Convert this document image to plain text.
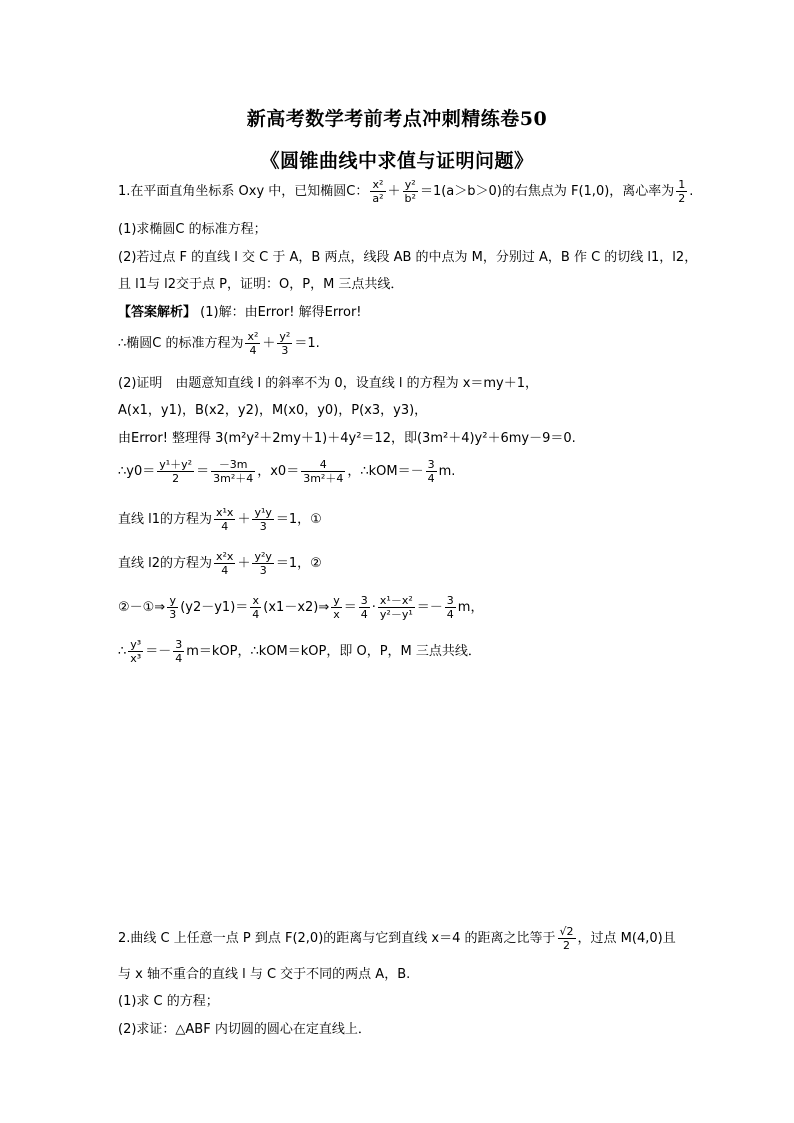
新高考数学考前考点冲刺精练卷50
《圆锥曲线中求值与证明问题》
1.在平面直角坐标系 Oxy 中，已知椭圆C： $\frac{\text{x²}}{\text{a²}} + \frac{\text{y²}}{\text{b²}} =1(a>b>0)$的右焦点为 F(1,0)，离心率为 $\frac{1}{2}$ .
(1)求椭圆C 的标准方程；
(2)若过点 F 的直线 l 交 C 于 A，B 两点，线段 AB 的中点为 M，分别过 A，B 作 C 的切线 l1，l2，
且 l1与 l2交于点 P，证明：O，P，M 三点共线．
【答案解析】 (1)解：由Error! 解得Error!
∴椭圆C 的标准方程为 $\frac{\text{x²}}{4} + \frac{\text{y²}}{3} =1$.
(2)证明　由题意知直线 l 的斜率不为 0，设直线 l 的方程为 x＝my＋1，
A(x1，y1)，B(x2，y2)，M(x0，y0)，P(x3，y3)，
由Error! 整理得 3(m²y²＋2my＋1)＋4y²＝12，即(3m²＋4)y²＋6my－9＝0.
∴y0＝ $\frac{\text{y¹＋y²}}{2} = \frac{-3m}{\text{3m²＋4}}$ ，$x0= \frac{4}{\text{3m²＋4}}$ ，∴kOM＝－ $\frac{3}{4} m$.
直线 l1的方程为 $\frac{\text{x¹x}}{4} + \frac{\text{y¹y}}{3} =1$，①
直线 l2的方程为 $\frac{\text{x²x}}{4} + \frac{\text{y²y}}{3} =1$，②
②－①⇒ $\frac{y}{3} (y2-y1)= \frac{x}{4}$ (x1－x2)⇒ $\frac{y}{x} = \frac{3}{4} \cdot \frac{\text{x¹－x²}}{\text{y²－y¹}} =- \frac{3}{4}$ m，
∴ $\frac{\text{y³}}{\text{x³}} =- \frac{3}{4} m=kOP$，∴kOM＝kOP，即 O，P，M 三点共线．
2.曲线 C 上任意一点 P 到点 F(2,0)的距离与它到直线 x＝4 的距离之比等于 $\frac{√2}{2}$ ，过点 M(4,0)且
与 x 轴不重合的直线 l 与 C 交于不同的两点 A，B.
(1)求 C 的方程；
(2)求证：△ABF 内切圆的圆心在定直线上．
